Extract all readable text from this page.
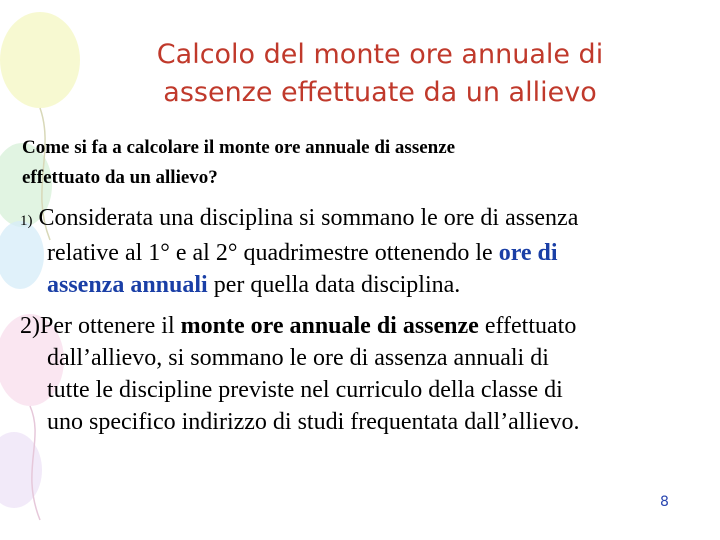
Calcolo del monte ore annuale di
assenze effettuate da un allievo
Come si fa a calcolare il monte ore annuale di assenze
effettuato da un allievo?
1) Considerata una disciplina si sommano le ore di assenza
relative al 1° e al 2° quadrimestre ottenendo le ore di
assenza annuali per quella data disciplina.
2)Per ottenere il monte ore annuale di assenze effettuato
dall’allievo, si sommano le ore di assenza annuali di
tutte le discipline previste nel curriculo della classe di
uno specifico indirizzo di studi frequentata dall’allievo.
8
